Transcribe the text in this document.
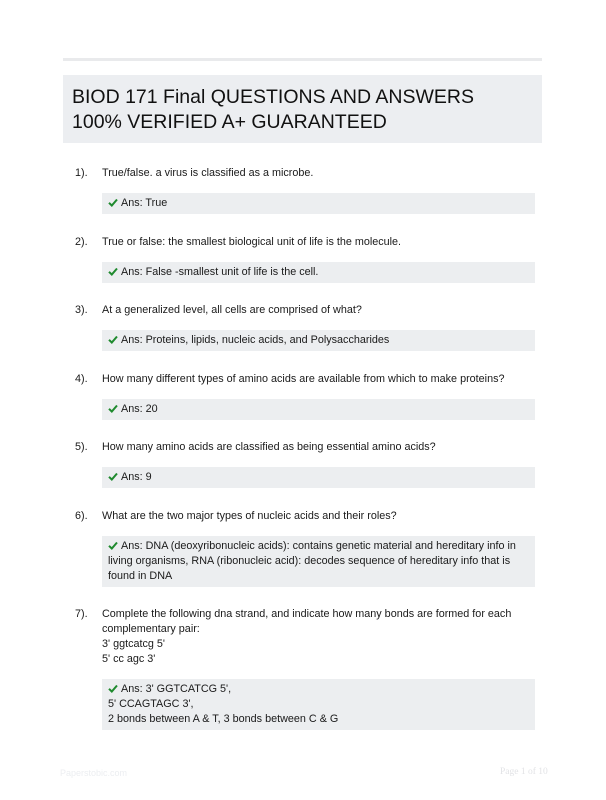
BIOD 171 Final QUESTIONS AND ANSWERS
100% VERIFIED A+ GUARANTEED
1).	True/false. a virus is classified as a microbe.
Ans: True
2).	True or false: the smallest biological unit of life is the molecule.
Ans: False -smallest unit of life is the cell.
3).	At a generalized level, all cells are comprised of what?
Ans: Proteins, lipids, nucleic acids, and Polysaccharides
4).	How many different types of amino acids are available from which to make proteins?
Ans: 20
5).	How many amino acids are classified as being essential amino acids?
Ans: 9
6).	What are the two major types of nucleic acids and their roles?
Ans: DNA (deoxyribonucleic acids): contains genetic material and hereditary info in
living organisms, RNA (ribonucleic acid): decodes sequence of hereditary info that is
found in DNA
7).	Complete the following dna strand, and indicate how many bonds are formed for each
complementary pair:
3' ggtcatcg 5'
5' cc agc 3'
Ans: 3' GGTCATCG 5',
5' CCAGTAGC 3',
2 bonds between A & T, 3 bonds between C & G
Paperstobic.com	Page 1 of 10
